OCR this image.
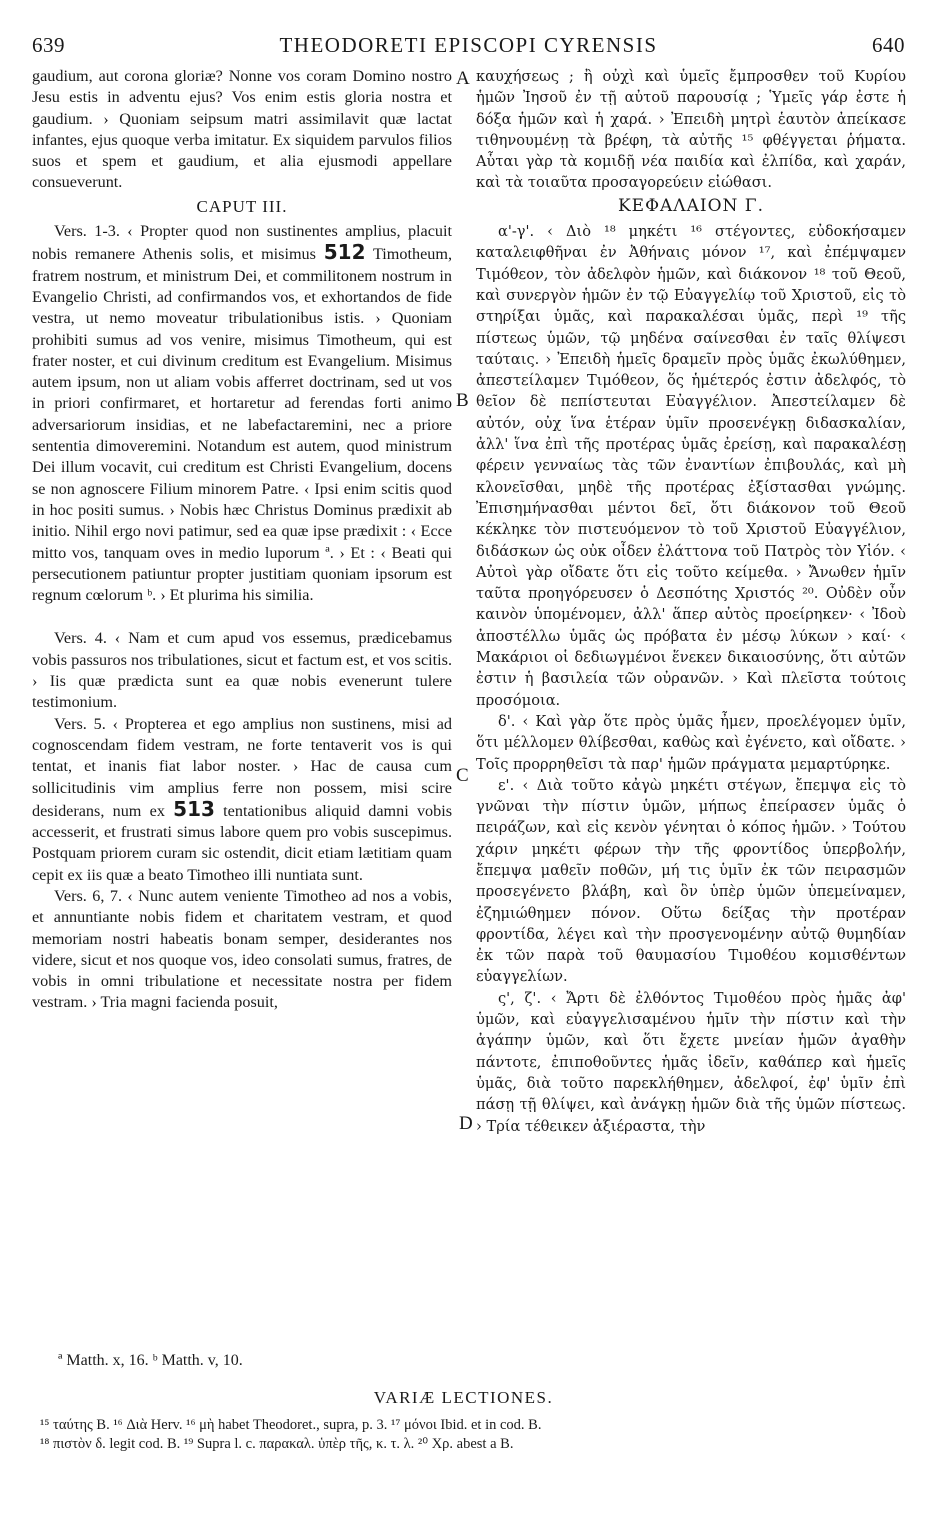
639	THEODORETI EPISCOPI CYRENSIS	640

gaudium, aut corona gloriæ? Nonne vos coram Domino nostro Jesu estis in adventu ejus? Vos enim estis gloria nostra et gaudium. › Quoniam seipsum matri assimilavit quæ lactat infantes, ejus quoque verba imitatur. Ex siquidem parvulos filios suos et spem et gaudium, et alia ejusmodi appellare consueverunt.

CAPUT III.

Vers. 1-3. ‹ Propter quod non sustinentes amplius, placuit nobis remanere Athenis solis, et misimus 512 Timotheum, fratrem nostrum, et ministrum Dei, et commilitonem nostrum in Evangelio Christi, ad confirmandos vos, et exhortandos de fide vestra, ut nemo moveatur tribulationibus istis. › Quoniam prohibiti sumus ad vos venire, misimus Timotheum, qui est frater noster, et cui divinum creditum est Evangelium. Misimus autem ipsum, non ut aliam vobis afferret doctrinam, sed ut vos in priori confirmaret, et hortaretur ad ferendas forti animo adversariorum insidias, et ne labefactaremini, nec a priore sententia dimoveremini. Notandum est autem, quod ministrum Dei illum vocavit, cui creditum est Christi Evangelium, docens se non agnoscere Filium minorem Patre. ‹ Ipsi enim scitis quod in hoc positi sumus. › Nobis hæc Christus Dominus prædixit ab initio. Nihil ergo novi patimur, sed ea quæ ipse prædixit : ‹ Ecce mitto vos, tanquam oves in medio luporum ª. › Et : ‹ Beati qui persecutionem patiuntur propter justitiam quoniam ipsorum est regnum cœlorum ᵇ. › Et plurima his similia.

Vers. 4. ‹ Nam et cum apud vos essemus, prædicebamus vobis passuros nos tribulationes, sicut et factum est, et vos scitis. › Iis quæ prædicta sunt ea quæ nobis evenerunt tulere testimonium.

Vers. 5. ‹ Propterea et ego amplius non sustinens, misi ad cognoscendam fidem vestram, ne forte tentaverit vos is qui tentat, et inanis fiat labor noster. › Hac de causa cum sollicitudinis vim amplius ferre non possem, misi scire desiderans, num ex 513 tentationibus aliquid damni vobis accesserit, et frustrati simus labore quem pro vobis suscepimus. Postquam priorem curam sic ostendit, dicit etiam lætitiam quam cepit ex iis quæ a beato Timotheo illi nuntiata sunt.

Vers. 6, 7. ‹ Nunc autem veniente Timotheo ad nos a vobis, et annuntiante nobis fidem et charitatem vestram, et quod memoriam nostri habeatis bonam semper, desiderantes nos videre, sicut et nos quoque vos, ideo consolati sumus, fratres, de vobis in omni tribulatione et necessitate nostra per fidem vestram. › Tria magni facienda posuit,

καυχήσεως ; ἢ οὐχὶ καὶ ὑμεῖς ἔμπροσθεν τοῦ Κυρίου ἡμῶν Ἰησοῦ ἐν τῇ αὐτοῦ παρουσίᾳ ; Ὑμεῖς γάρ ἐστε ἡ δόξα ἡμῶν καὶ ἡ χαρά. › Ἐπειδὴ μητρὶ ἑαυτὸν ἀπείκασε τιθηνουμένῃ τὰ βρέφη, τὰ αὐτῆς ¹⁵ φθέγγεται ῥήματα. Αὗται γὰρ τὰ κομιδῇ νέα παιδία καὶ ἐλπίδα, καὶ χαράν, καὶ τὰ τοιαῦτα προσαγορεύειν εἰώθασι.

ΚΕΦΑΛΑΙΟΝ Γ.

α'-γ'. ‹ Διὸ ¹⁸ μηκέτι ¹⁶ στέγοντες, εὐδοκήσαμεν καταλειφθῆναι ἐν Ἀθήναις μόνον ¹⁷, καὶ ἐπέμψαμεν Τιμόθεον, τὸν ἀδελφὸν ἡμῶν, καὶ διάκονον ¹⁸ τοῦ Θεοῦ, καὶ συνεργὸν ἡμῶν ἐν τῷ Εὐαγγελίῳ τοῦ Χριστοῦ, εἰς τὸ στηρίξαι ὑμᾶς, καὶ παρακαλέσαι ὑμᾶς, περὶ ¹⁹ τῆς πίστεως ὑμῶν, τῷ μηδένα σαίνεσθαι ἐν ταῖς θλίψεσι ταύταις. › Ἐπειδὴ ἡμεῖς δραμεῖν πρὸς ὑμᾶς ἐκωλύθημεν, ἀπεστείλαμεν Τιμόθεον, ὅς ἡμέτερός ἐστιν ἀδελφός, τὸ θεῖον δὲ πεπίστευται Εὐαγγέλιον. Ἀπεστείλαμεν δὲ αὐτόν, οὐχ ἵνα ἑτέραν ὑμῖν προσενέγκῃ διδασκαλίαν, ἀλλ' ἵνα ἐπὶ τῆς προτέρας ὑμᾶς ἐρείσῃ, καὶ παρακαλέσῃ φέρειν γενναίως τὰς τῶν ἐναντίων ἐπιβουλάς, καὶ μὴ κλονεῖσθαι, μηδὲ τῆς προτέρας ἐξίστασθαι γνώμης. Ἐπισημήνασθαι μέντοι δεῖ, ὅτι διάκονον τοῦ Θεοῦ κέκληκε τὸν πιστευόμενον τὸ τοῦ Χριστοῦ Εὐαγγέλιον, διδάσκων ὡς οὐκ οἶδεν ἐλάττονα τοῦ Πατρὸς τὸν Υἱόν. ‹ Αὐτοὶ γὰρ οἴδατε ὅτι εἰς τοῦτο κείμεθα. › Ἄνωθεν ἡμῖν ταῦτα προηγόρευσεν ὁ Δεσπότης Χριστός ²⁰. Οὐδὲν οὖν καινὸν ὑπομένομεν, ἀλλ' ἅπερ αὐτὸς προείρηκεν· ‹ Ἰδοὺ ἀποστέλλω ὑμᾶς ὡς πρόβατα ἐν μέσῳ λύκων › καί· ‹ Μακάριοι οἱ δεδιωγμένοι ἕνεκεν δικαιοσύνης, ὅτι αὐτῶν ἐστιν ἡ βασιλεία τῶν οὐρανῶν. › Καὶ πλεῖστα τούτοις προσόμοια.

δ'. ‹ Καὶ γὰρ ὅτε πρὸς ὑμᾶς ἦμεν, προελέγομεν ὑμῖν, ὅτι μέλλομεν θλίβεσθαι, καθὼς καὶ ἐγένετο, καὶ οἴδατε. › Τοῖς προρρηθεῖσι τὰ παρ' ἡμῶν πράγματα μεμαρτύρηκε.

ε'. ‹ Διὰ τοῦτο κἀγὼ μηκέτι στέγων, ἔπεμψα εἰς τὸ γνῶναι τὴν πίστιν ὑμῶν, μήπως ἐπείρασεν ὑμᾶς ὁ πειράζων, καὶ εἰς κενὸν γένηται ὁ κόπος ἡμῶν. › Τούτου χάριν μηκέτι φέρων τὴν τῆς φροντίδος ὑπερβολήν, ἔπεμψα μαθεῖν ποθῶν, μή τις ὑμῖν ἐκ τῶν πειρασμῶν προσεγένετο βλάβη, καὶ ὃν ὑπὲρ ὑμῶν ὑπεμείναμεν, ἐζημιώθημεν πόνον. Οὕτω δείξας τὴν προτέραν φροντίδα, λέγει καὶ τὴν προσγενομένην αὐτῷ θυμηδίαν ἐκ τῶν παρὰ τοῦ θαυμασίου Τιμοθέου κομισθέντων εὐαγγελίων.

ς', ζ'. ‹ Ἄρτι δὲ ἐλθόντος Τιμοθέου πρὸς ἡμᾶς ἀφ' ὑμῶν, καὶ εὐαγγελισαμένου ἡμῖν τὴν πίστιν καὶ τὴν ἀγάπην ὑμῶν, καὶ ὅτι ἔχετε μνείαν ἡμῶν ἀγαθὴν πάντοτε, ἐπιποθοῦντες ἡμᾶς ἰδεῖν, καθάπερ καὶ ἡμεῖς ὑμᾶς, διὰ τοῦτο παρεκλήθημεν, ἀδελφοί, ἐφ' ὑμῖν ἐπὶ πάσῃ τῇ θλίψει, καὶ ἀνάγκῃ ἡμῶν διὰ τῆς ὑμῶν πίστεως. › Τρία τέθεικεν ἀξιέραστα, τὴν

A
B
C
D
ª Matth. x, 16. ᵇ Matth. v, 10.
VARIÆ LECTIONES.
¹⁵ ταύτης B. ¹⁶ Διὰ Herv. ¹⁶ μὴ habet Theodoret., supra, p. 3. ¹⁷ μόνοι Ibid. et in cod. B.
¹⁸ πιστὸν δ. legit cod. B. ¹⁹ Supra l. c. παρακαλ. ὑπὲρ τῆς, κ. τ. λ. ²⁰ Χρ. abest a B.
